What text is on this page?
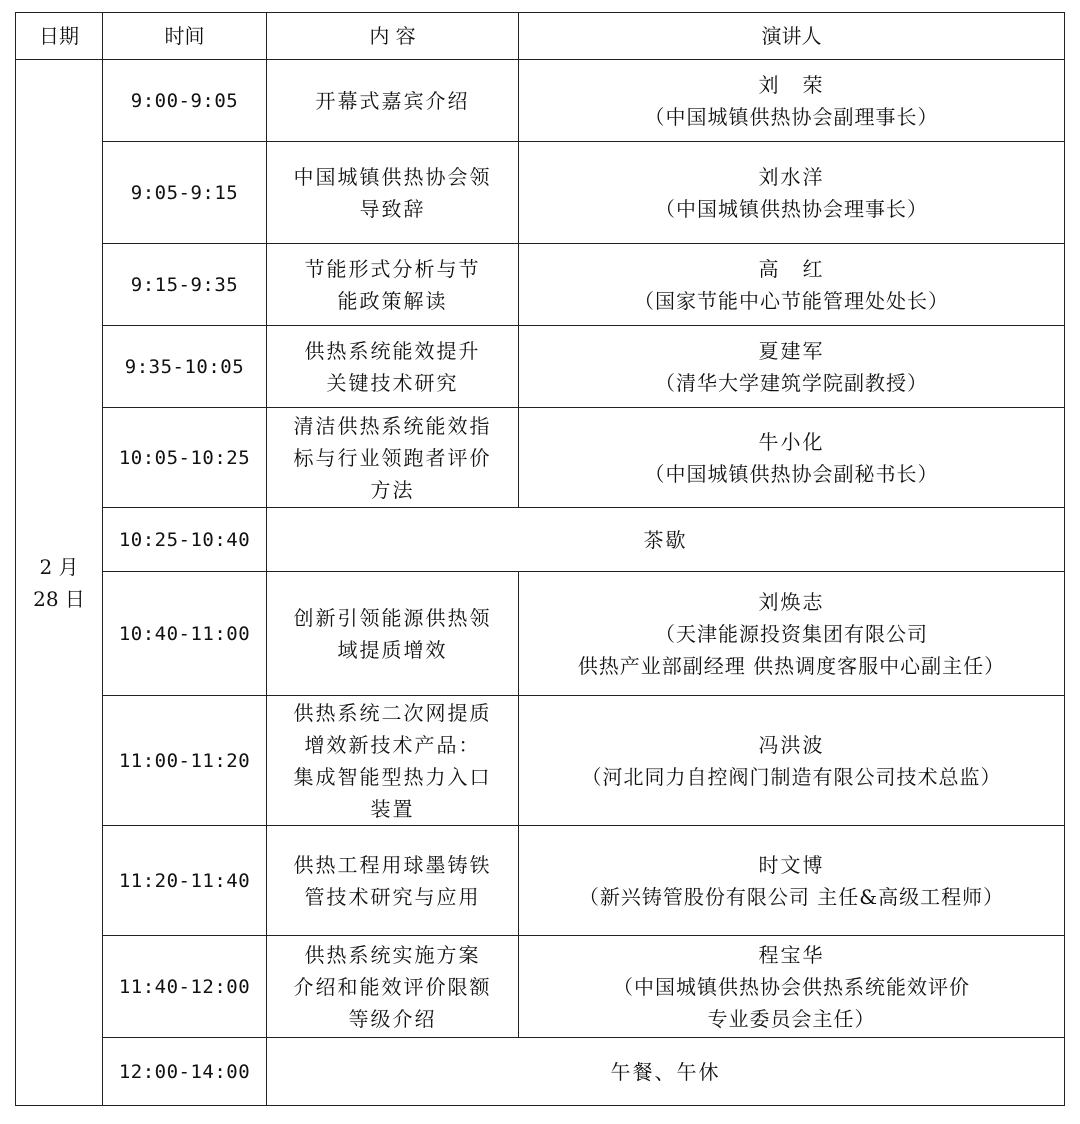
日期	时间	内 容	演讲人

2 月
28 日	9:00-9:05	开幕式嘉宾介绍	刘　荣
（中国城镇供热协会副理事长）

	9:05-9:15	中国城镇供热协会领
导致辞	刘水洋
（中国城镇供热协会理事长）

	9:15-9:35	节能形式分析与节
能政策解读	高　红
（国家节能中心节能管理处处长）

	9:35-10:05	供热系统能效提升
关键技术研究	夏建军
（清华大学建筑学院副教授）

	10:05-10:25	清洁供热系统能效指
标与行业领跑者评价
方法	牛小化
（中国城镇供热协会副秘书长）

	10:25-10:40	茶歇	
	10:40-11:00	创新引领能源供热领
域提质增效	刘焕志
（天津能源投资集团有限公司
供热产业部副经理 供热调度客服中心副主任）

	11:00-11:20	供热系统二次网提质
增效新技术产品：
集成智能型热力入口
装置	冯洪波
（河北同力自控阀门制造有限公司技术总监）

	11:20-11:40	供热工程用球墨铸铁
管技术研究与应用	时文博
（新兴铸管股份有限公司 主任&高级工程师）

	11:40-12:00	供热系统实施方案
介绍和能效评价限额
等级介绍	程宝华
（中国城镇供热协会供热系统能效评价
专业委员会主任）

	12:00-14:00	午餐、午休	
